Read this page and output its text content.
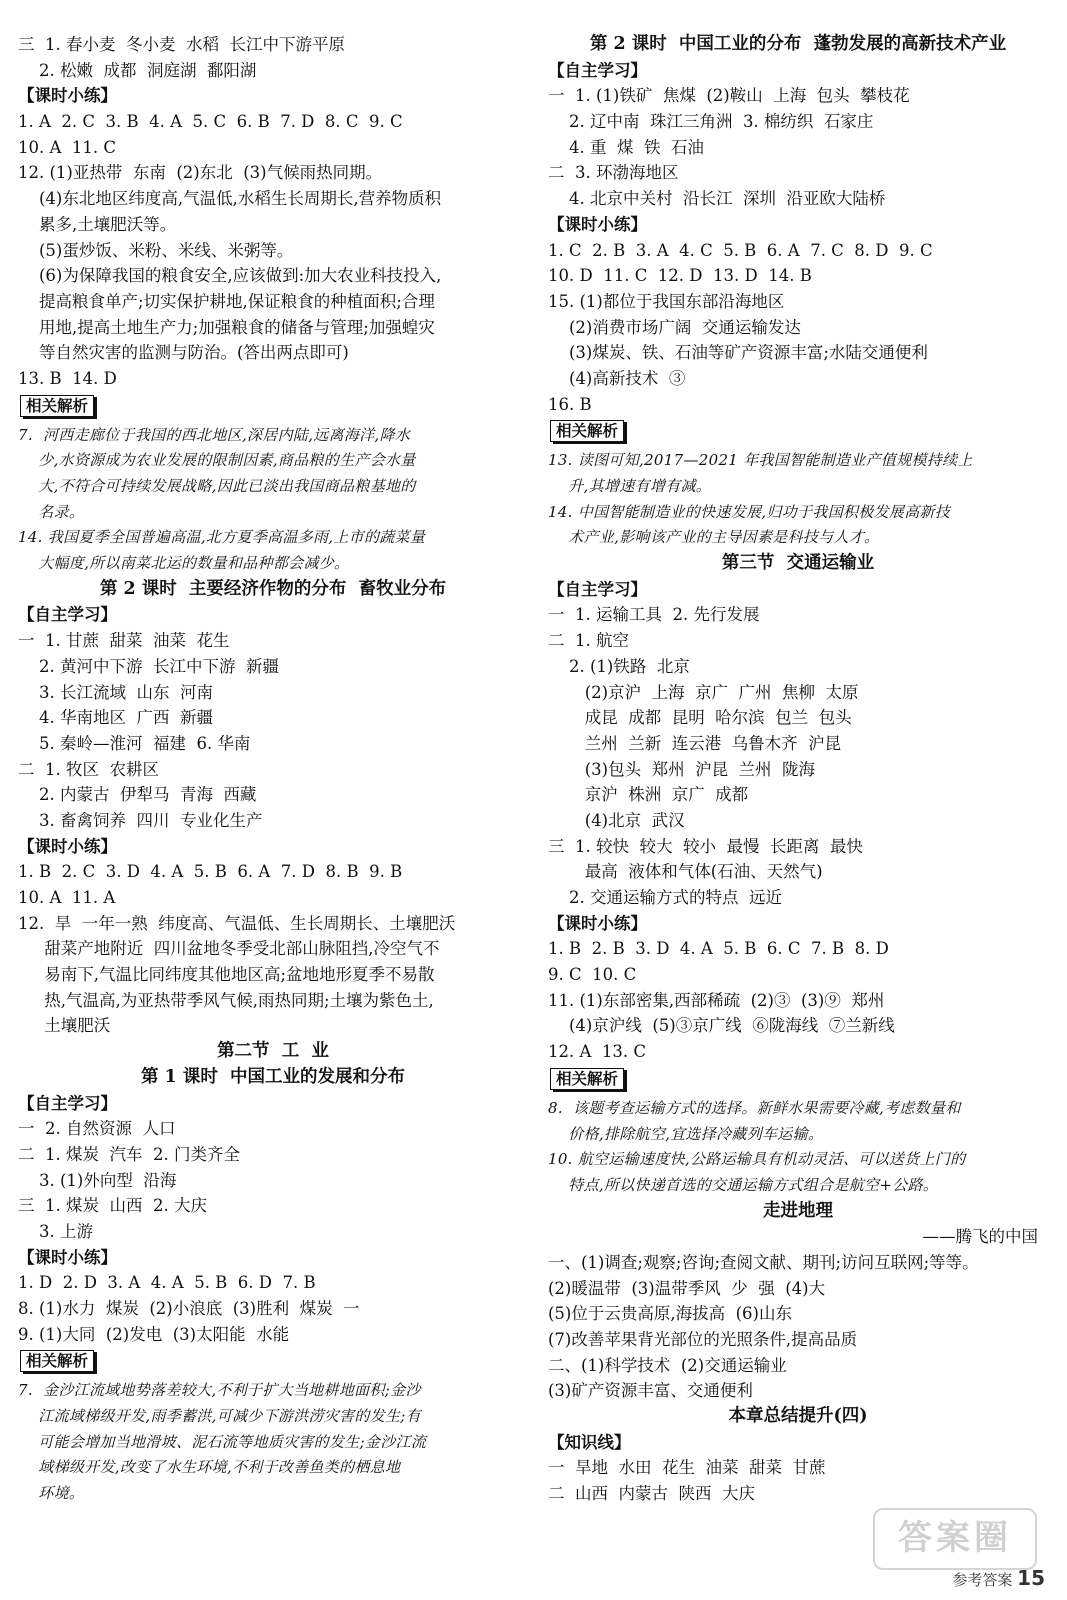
三  1. 春小麦  冬小麦  水稻  长江中下游平原
2. 松嫩  成都  洞庭湖  鄱阳湖
【课时小练】
1. A  2. C  3. B  4. A  5. C  6. B  7. D  8. C  9. C
10. A  11. C
12. (1)亚热带  东南  (2)东北  (3)气候雨热同期。
(4)东北地区纬度高,气温低,水稻生长周期长,营养物质积
累多,土壤肥沃等。
(5)蛋炒饭、米粉、米线、米粥等。
(6)为保障我国的粮食安全,应该做到:加大农业科技投入,
提高粮食单产;切实保护耕地,保证粮食的种植面积;合理
用地,提高土地生产力;加强粮食的储备与管理;加强蝗灾
等自然灾害的监测与防治。(答出两点即可)
13. B  14. D
相关解析
7.  河西走廊位于我国的西北地区,深居内陆,远离海洋,降水
少,水资源成为农业发展的限制因素,商品粮的生产会水量
大,不符合可持续发展战略,因此已淡出我国商品粮基地的
名录。
14. 我国夏季全国普遍高温,北方夏季高温多雨,上市的蔬菜量
大幅度,所以南菜北运的数量和品种都会减少。
第 2 课时  主要经济作物的分布  畜牧业分布
【自主学习】
一  1. 甘蔗  甜菜  油菜  花生
2. 黄河中下游  长江中下游  新疆
3. 长江流域  山东  河南
4. 华南地区  广西  新疆
5. 秦岭—淮河  福建  6. 华南
二  1. 牧区  农耕区
2. 内蒙古  伊犁马  青海  西藏
3. 畜禽饲养  四川  专业化生产
【课时小练】
1. B  2. C  3. D  4. A  5. B  6. A  7. D  8. B  9. B
10. A  11. A
12.  旱  一年一熟  纬度高、气温低、生长周期长、土壤肥沃
甜菜产地附近  四川盆地冬季受北部山脉阻挡,冷空气不
易南下,气温比同纬度其他地区高;盆地地形夏季不易散
热,气温高,为亚热带季风气候,雨热同期;土壤为紫色土,
土壤肥沃
第二节  工  业
第 1 课时  中国工业的发展和分布
【自主学习】
一  2. 自然资源  人口
二  1. 煤炭  汽车  2. 门类齐全
3. (1)外向型  沿海
三  1. 煤炭  山西  2. 大庆
3. 上游
【课时小练】
1. D  2. D  3. A  4. A  5. B  6. D  7. B
8. (1)水力  煤炭  (2)小浪底  (3)胜利  煤炭  一
9. (1)大同  (2)发电  (3)太阳能  水能
相关解析
7.  金沙江流域地势落差较大,不利于扩大当地耕地面积;金沙
江流域梯级开发,雨季蓄洪,可减少下游洪涝灾害的发生;有
可能会增加当地滑坡、泥石流等地质灾害的发生;金沙江流
域梯级开发,改变了水生环境,不利于改善鱼类的栖息地
环境。
第 2 课时  中国工业的分布  蓬勃发展的高新技术产业
【自主学习】
一  1. (1)铁矿  焦煤  (2)鞍山  上海  包头  攀枝花
2. 辽中南  珠江三角洲  3. 棉纺织  石家庄
4. 重  煤  铁  石油
二  3. 环渤海地区
4. 北京中关村  沿长江  深圳  沿亚欧大陆桥
【课时小练】
1. C  2. B  3. A  4. C  5. B  6. A  7. C  8. D  9. C
10. D  11. C  12. D  13. D  14. B
15. (1)都位于我国东部沿海地区
(2)消费市场广阔  交通运输发达
(3)煤炭、铁、石油等矿产资源丰富;水陆交通便利
(4)高新技术  ③
16. B
相关解析
13. 读图可知,2017—2021 年我国智能制造业产值规模持续上
升,其增速有增有减。
14. 中国智能制造业的快速发展,归功于我国积极发展高新技
术产业,影响该产业的主导因素是科技与人才。
第三节  交通运输业
【自主学习】
一  1. 运输工具  2. 先行发展
二  1. 航空
2. (1)铁路  北京
(2)京沪  上海  京广  广州  焦柳  太原
成昆  成都  昆明  哈尔滨  包兰  包头
兰州  兰新  连云港  乌鲁木齐  沪昆
(3)包头  郑州  沪昆  兰州  陇海
京沪  株洲  京广  成都
(4)北京  武汉
三  1. 较快  较大  较小  最慢  长距离  最快
最高  液体和气体(石油、天然气)
2. 交通运输方式的特点  远近
【课时小练】
1. B  2. B  3. D  4. A  5. B  6. C  7. B  8. D
9. C  10. C
11. (1)东部密集,西部稀疏  (2)③  (3)⑨  郑州
(4)京沪线  (5)③京广线  ⑥陇海线  ⑦兰新线
12. A  13. C
相关解析
8.  该题考查运输方式的选择。新鲜水果需要冷藏,考虑数量和
价格,排除航空,宜选择冷藏列车运输。
10. 航空运输速度快,公路运输具有机动灵活、可以送货上门的
特点,所以快递首选的交通运输方式组合是航空+公路。
走进地理
——腾飞的中国
一、(1)调查;观察;咨询;查阅文献、期刊;访问互联网;等等。
(2)暖温带  (3)温带季风  少  强  (4)大
(5)位于云贵高原,海拔高  (6)山东
(7)改善苹果背光部位的光照条件,提高品质
二、(1)科学技术  (2)交通运输业
(3)矿产资源丰富、交通便利
本章总结提升(四)
【知识线】
一  旱地  水田  花生  油菜  甜菜  甘蔗
二  山西  内蒙古  陕西  大庆
答案圈
参考答案 15
